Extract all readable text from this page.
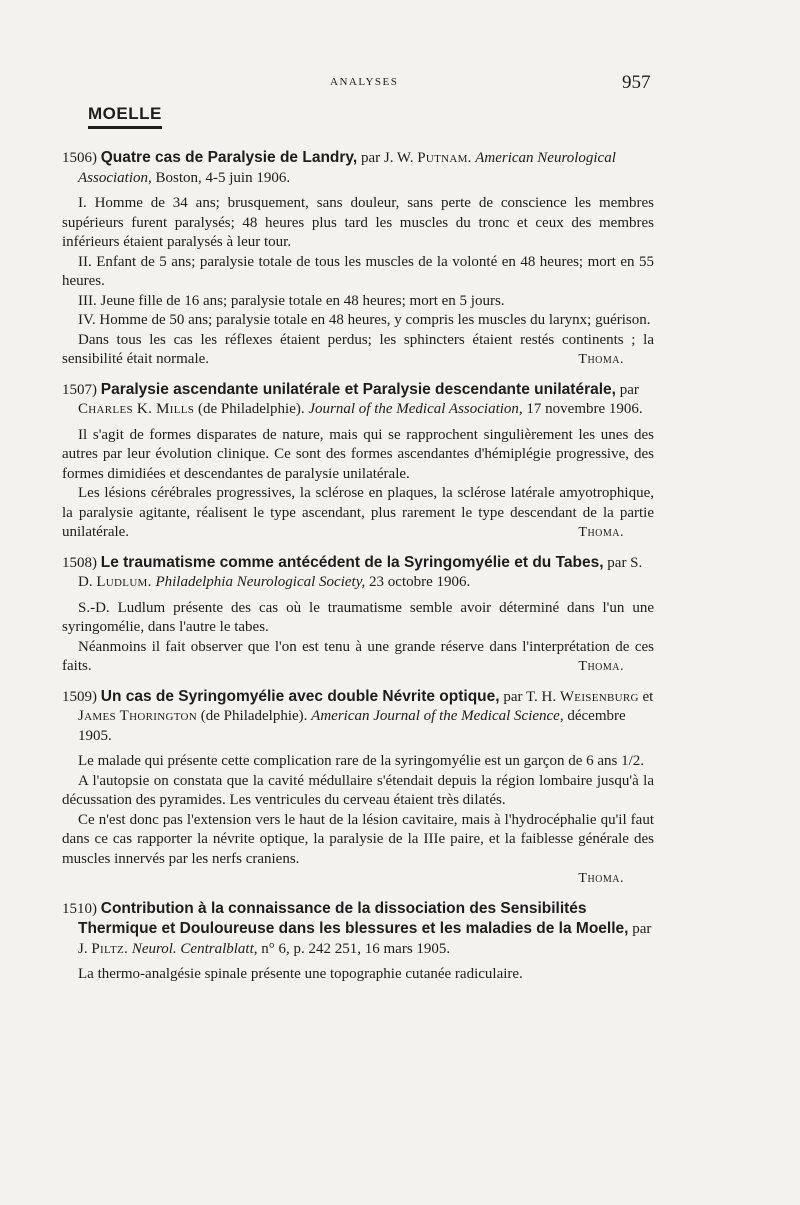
ANALYSES	957
MOELLE

1506) Quatre cas de Paralysie de Landry, par J. W. Putnam. American Neurological Association, Boston, 4-5 juin 1906.

I. Homme de 34 ans; brusquement, sans douleur, sans perte de conscience les membres supérieurs furent paralysés; 48 heures plus tard les muscles du tronc et ceux des membres inférieurs étaient paralysés à leur tour.

II. Enfant de 5 ans; paralysie totale de tous les muscles de la volonté en 48 heures; mort en 55 heures.

III. Jeune fille de 16 ans; paralysie totale en 48 heures; mort en 5 jours.

IV. Homme de 50 ans; paralysie totale en 48 heures, y compris les muscles du larynx; guérison.

Dans tous les cas les réflexes étaient perdus; les sphincters étaient restés continents ; la sensibilité était normale.	Thoma.

1507) Paralysie ascendante unilatérale et Paralysie descendante unilatérale, par Charles K. Mills (de Philadelphie). Journal of the Medical Association, 17 novembre 1906.

Il s'agit de formes disparates de nature, mais qui se rapprochent singulièrement les unes des autres par leur évolution clinique. Ce sont des formes ascendantes d'hémiplégie progressive, des formes dimidiées et descendantes de paralysie unilatérale.

Les lésions cérébrales progressives, la sclérose en plaques, la sclérose latérale amyotrophique, la paralysie agitante, réalisent le type ascendant, plus rarement le type descendant de la partie unilatérale.	Thoma.

1508) Le traumatisme comme antécédent de la Syringomyélie et du Tabes, par S. D. Ludlum. Philadelphia Neurological Society, 23 octobre 1906.

S.-D. Ludlum présente des cas où le traumatisme semble avoir déterminé dans l'un une syringomélie, dans l'autre le tabes.

Néanmoins il fait observer que l'on est tenu à une grande réserve dans l'interprétation de ces faits.	Thoma.

1509) Un cas de Syringomyélie avec double Névrite optique, par T. H. Weisenburg et James Thorington (de Philadelphie). American Journal of the Medical Science, décembre 1905.

Le malade qui présente cette complication rare de la syringomyélie est un garçon de 6 ans 1/2.

A l'autopsie on constata que la cavité médullaire s'étendait depuis la région lombaire jusqu'à la décussation des pyramides. Les ventricules du cerveau étaient très dilatés.

Ce n'est donc pas l'extension vers le haut de la lésion cavitaire, mais à l'hydrocéphalie qu'il faut dans ce cas rapporter la névrite optique, la paralysie de la IIIe paire, et la faiblesse générale des muscles innervés par les nerfs craniens.

Thoma.

1510) Contribution à la connaissance de la dissociation des Sensibilités Thermique et Douloureuse dans les blessures et les maladies de la Moelle, par J. Piltz. Neurol. Centralblatt, n° 6, p. 242 251, 16 mars 1905.

La thermo-analgésie spinale présente une topographie cutanée radiculaire.
